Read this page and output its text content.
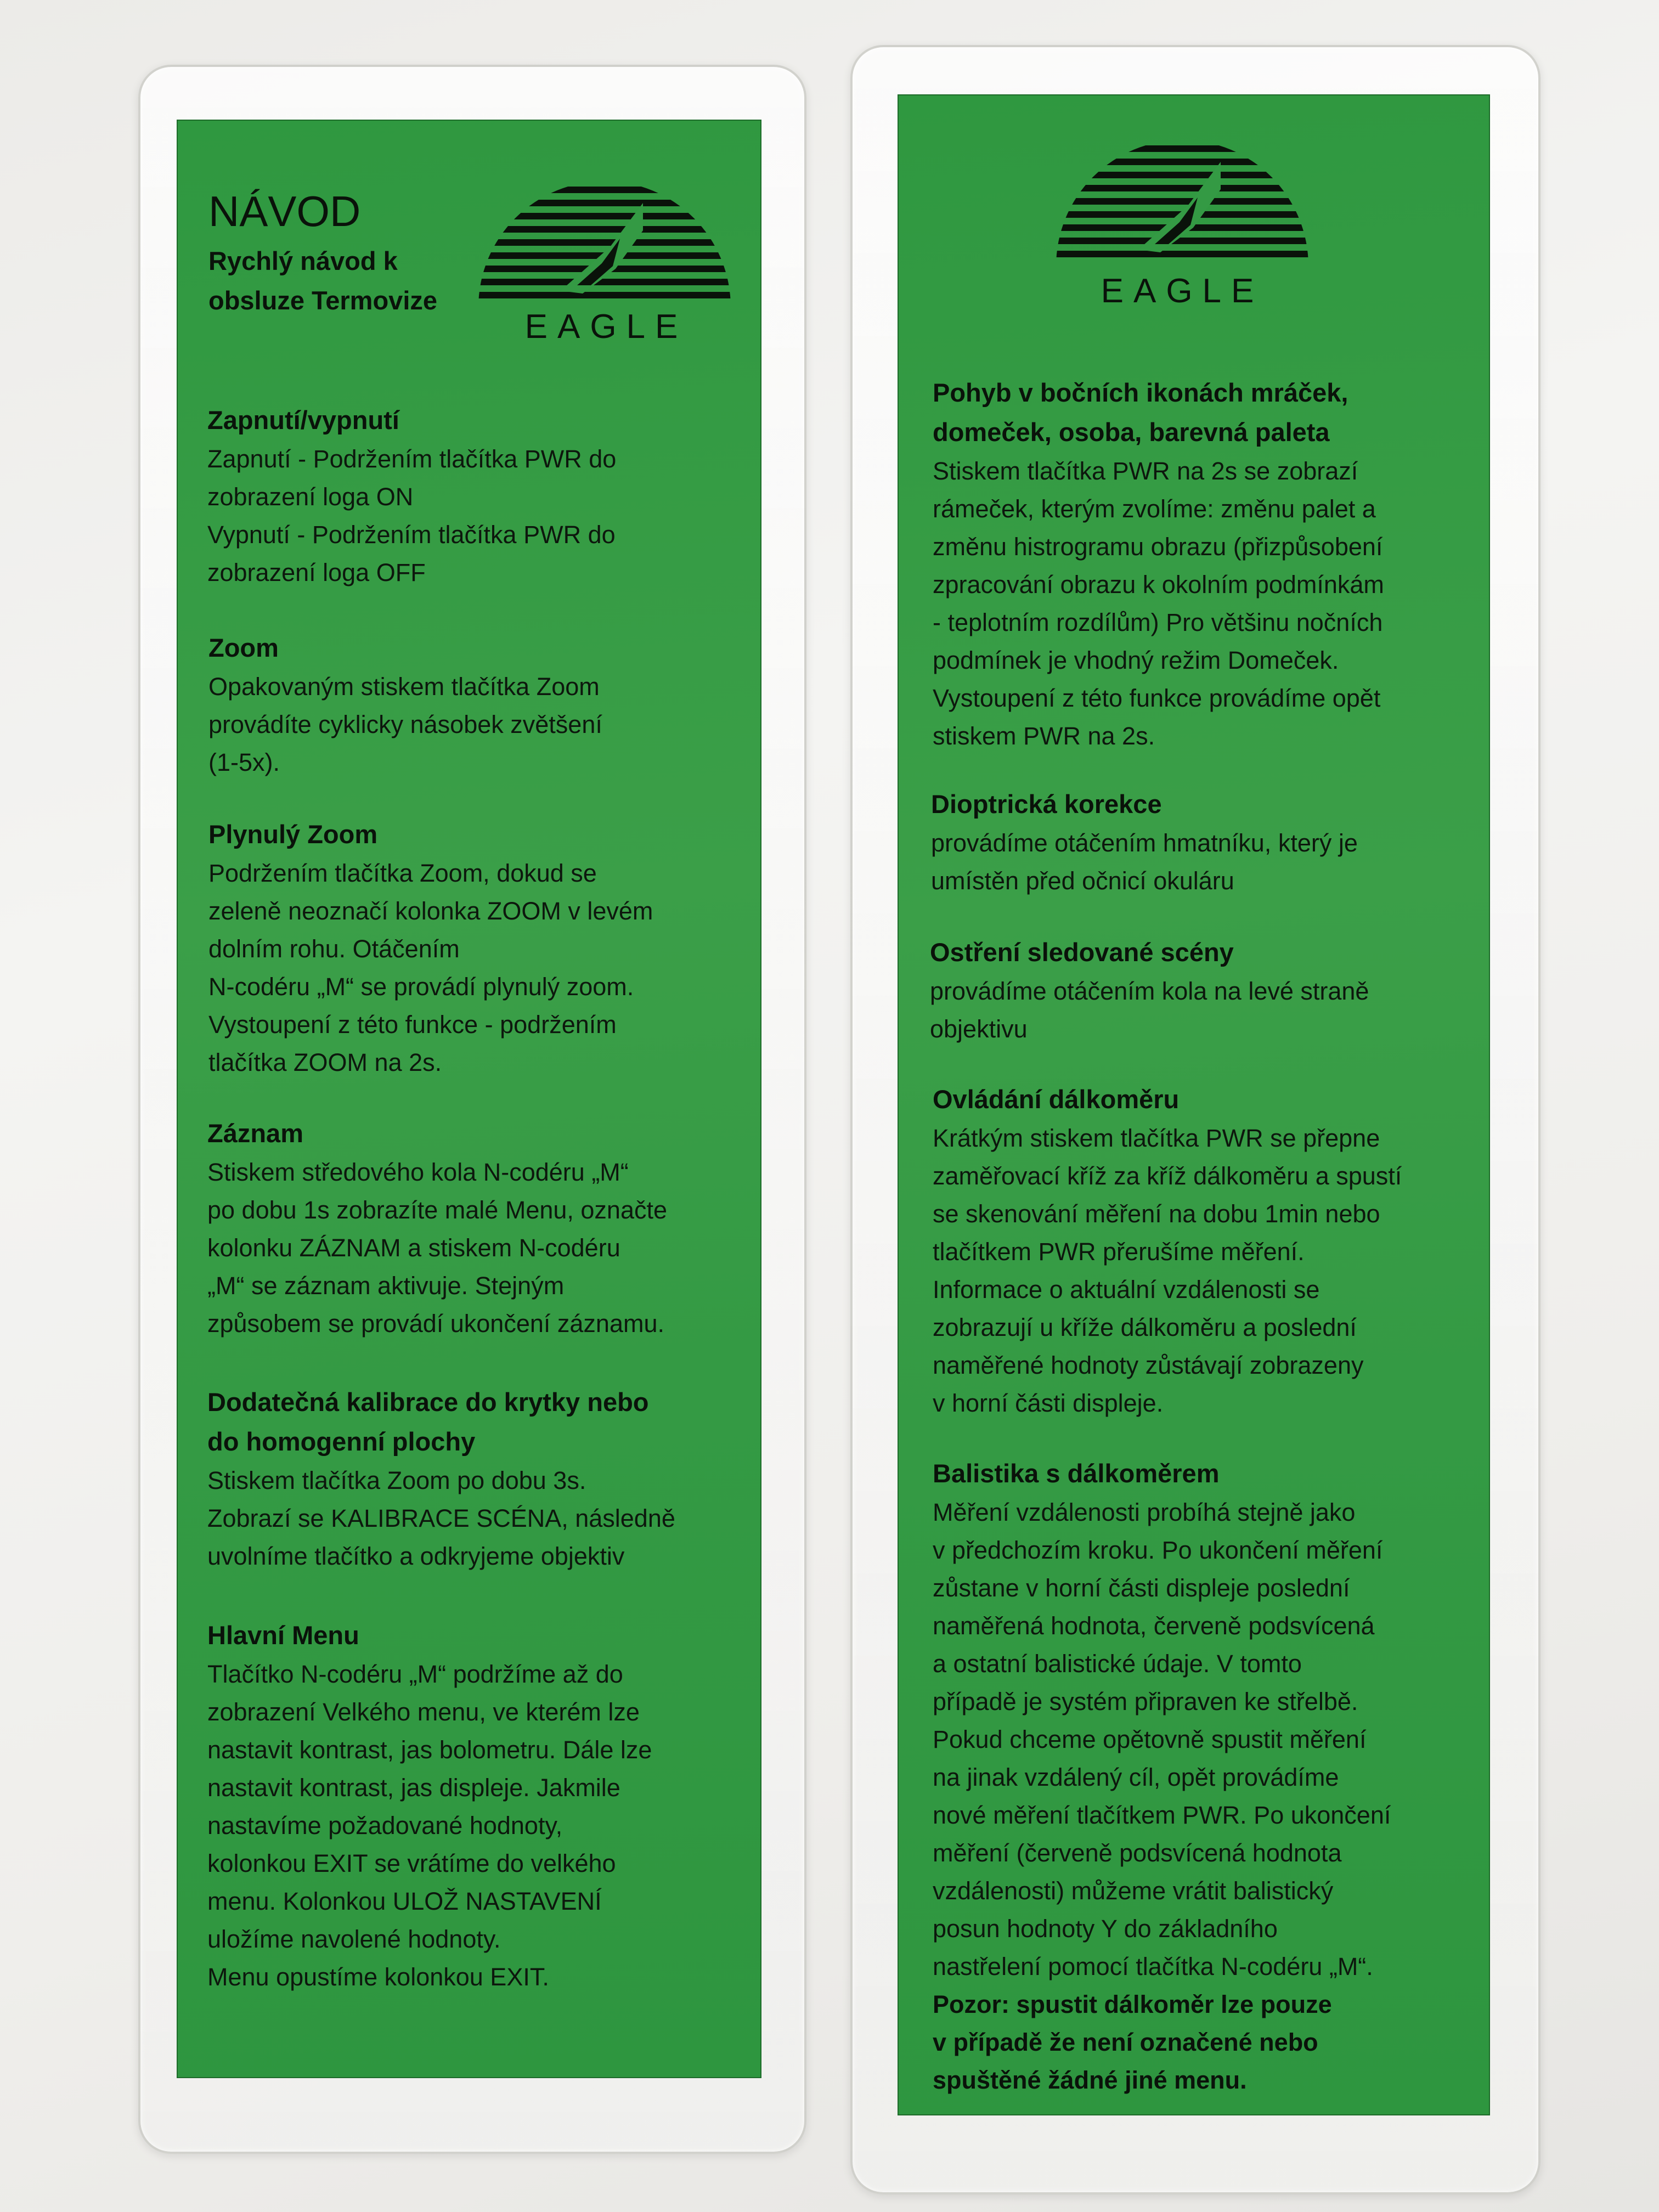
EAGLE
NÁVOD

Rychlý návod k
obsluze Termovize

Zapnutí/vypnutí

Zapnutí - Podržením tlačítka PWR do
zobrazení loga ON
Vypnutí - Podržením tlačítka PWR do
zobrazení loga OFF

Zoom

Opakovaným stiskem tlačítka Zoom
provádíte cyklicky násobek zvětšení
(1-5x).

Plynulý Zoom

Podržením tlačítka Zoom, dokud se
zeleně neoznačí kolonka ZOOM v levém
dolním rohu. Otáčením
N-codéru „M“ se provádí plynulý zoom.
Vystoupení z této funkce - podržením
tlačítka ZOOM na 2s.

Záznam

Stiskem středového kola N-codéru „M“
po dobu 1s zobrazíte malé Menu, označte
kolonku ZÁZNAM a stiskem N-codéru
„M“ se záznam aktivuje. Stejným
způsobem se provádí ukončení záznamu.

Dodatečná kalibrace do krytky nebo
do homogenní plochy

Stiskem tlačítka Zoom po dobu 3s.
Zobrazí se KALIBRACE SCÉNA, následně
uvolníme tlačítko a odkryjeme objektiv

Hlavní Menu

Tlačítko N-codéru „M“ podržíme až do
zobrazení Velkého menu, ve kterém lze
nastavit kontrast, jas bolometru. Dále lze
nastavit kontrast, jas displeje. Jakmile
nastavíme požadované hodnoty,
kolonkou EXIT se vrátíme do velkého
menu. Kolonkou ULOŽ NASTAVENÍ
uložíme navolené hodnoty.
Menu opustíme kolonkou EXIT.

EAGLE

Pohyb v bočních ikonách mráček,
domeček, osoba, barevná paleta

Stiskem tlačítka PWR na 2s se zobrazí
rámeček, kterým zvolíme: změnu palet a
změnu histrogramu obrazu (přizpůsobení
zpracování obrazu k okolním podmínkám
- teplotním rozdílům) Pro většinu nočních
podmínek je vhodný režim Domeček.
Vystoupení z této funkce provádíme opět
stiskem PWR na 2s.

Dioptrická korekce

provádíme otáčením hmatníku, který je
umístěn před očnicí okuláru

Ostření sledované scény

provádíme otáčením kola na levé straně
objektivu

Ovládání dálkoměru

Krátkým stiskem tlačítka PWR se přepne
zaměřovací kříž za kříž dálkoměru a spustí
se skenování měření na dobu 1min nebo
tlačítkem PWR přerušíme měření.
Informace o aktuální vzdálenosti se
zobrazují u kříže dálkoměru a poslední
naměřené hodnoty zůstávají zobrazeny
v horní části displeje.

Balistika s dálkoměrem

Měření vzdálenosti probíhá stejně jako
v předchozím kroku. Po ukončení měření
zůstane v horní části displeje poslední
naměřená hodnota, červeně podsvícená
a ostatní balistické údaje. V tomto
případě je systém připraven ke střelbě.
Pokud chceme opětovně spustit měření
na jinak vzdálený cíl, opět provádíme
nové měření tlačítkem PWR. Po ukončení
měření (červeně podsvícená hodnota
vzdálenosti) můžeme vrátit balistický
posun hodnoty Y do základního
nastřelení pomocí tlačítka N-codéru „M“.

Pozor: spustit dálkoměr lze pouze
v případě že není označené nebo
spuštěné žádné jiné menu.
